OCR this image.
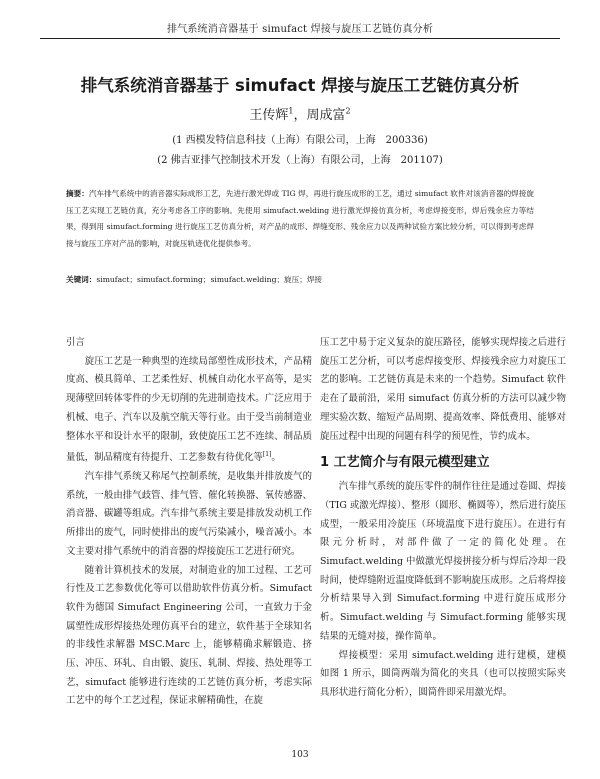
排气系统消音器基于 simufact 焊接与旋压工艺链仿真分析
排气系统消音器基于 simufact 焊接与旋压工艺链仿真分析
王传辉$^1$，周成富$^2$
(1 西模发特信息科技（上海）有限公司，上海　200336)
(2 佛吉亚排气控制技术开发（上海）有限公司，上海　201107)
摘要：汽车排气系统中的消音器实际成形工艺，先进行激光焊或 TIG 焊，再进行旋压成形的工艺，通过 simufact 软件对该消音器的焊接旋压工艺实现工艺链仿真，充分考虑各工序的影响。先使用 simufact.welding 进行激光焊接仿真分析，考虑焊接变形，焊后残余应力等结果，得到用 simufact.forming 进行旋压工艺仿真分析，对产品的成形、焊缝变形、残余应力以及两种试验方案比较分析，可以得到考虑焊接与旋压工序对产品的影响，对旋压轨迹优化提供参考。
关键词：simufact；simufact.forming；simufact.welding；旋压；焊接

引言

旋压工艺是一种典型的连续局部塑性成形技术，产品精度高、模具简单、工艺柔性好、机械自动化水平高等，是实现薄壁回转体零件的少无切削的先进制造技术。广泛应用于机械、电子、汽车以及航空航天等行业。由于受当前制造业整体水平和设计水平的限制，致使旋压工艺不连续、制品质量低，制品精度有待提升、工艺参数有待优化等[1]。

汽车排气系统又称尾气控制系统，是收集并排放废气的系统，一般由排气歧管、排气管、催化转换器、氧传感器、消音器、碳罐等组成。汽车排气系统主要是排放发动机工作所排出的废气，同时使排出的废气污染减小，噪音减小。本文主要对排气系统中的消音器的焊接旋压工艺进行研究。

随着计算机技术的发展，对制造业的加工过程、工艺可行性及工艺参数优化等可以借助软件仿真分析。Simufact 软件为德国 Simufact Engineering 公司，一直致力于金属塑性成形焊接热处理仿真平台的建立，软件基于全球知名的非线性求解器 MSC.Marc 上，能够精确求解锻造、挤压、冲压、环轧、自由锻、旋压、轧制、焊接、热处理等工艺，simufact 能够进行连续的工艺链仿真分析，考虑实际工艺中的每个工艺过程，保证求解精确性，在旋

压工艺中易于定义复杂的旋压路径，能够实现焊接之后进行旋压工艺分析，可以考虑焊接变形、焊接残余应力对旋压工艺的影响。工艺链仿真是未来的一个趋势。Simufact 软件走在了最前沿，采用 simufact 仿真分析的方法可以减少物理实验次数、缩短产品周期、提高效率、降低费用、能够对旋压过程中出现的问题有科学的预见性，节约成本。

1 工艺简介与有限元模型建立

汽车排气系统的旋压零件的制作往往是通过卷圆、焊接（TIG 或激光焊接）、整形（圆形、椭圆等），然后进行旋压成型，一般采用冷旋压（环境温度下进行旋压）。在进行有限元分析时，对部件做了一定的简化处理。在 Simufact.welding 中做激光焊接拼接分析与焊后冷却一段时间，使焊缝附近温度降低到不影响旋压成形。之后将焊接分析结果导入到 Simufact.forming 中进行旋压成形分析。Simufact.welding 与 Simufact.forming 能够实现结果的无缝对接，操作简单。

焊接模型：采用 simufact.welding 进行建模，建模如图 1 所示，圆筒两端为简化的夹具（也可以按照实际夹具形状进行简化分析），圆筒件即采用激光焊。

103
